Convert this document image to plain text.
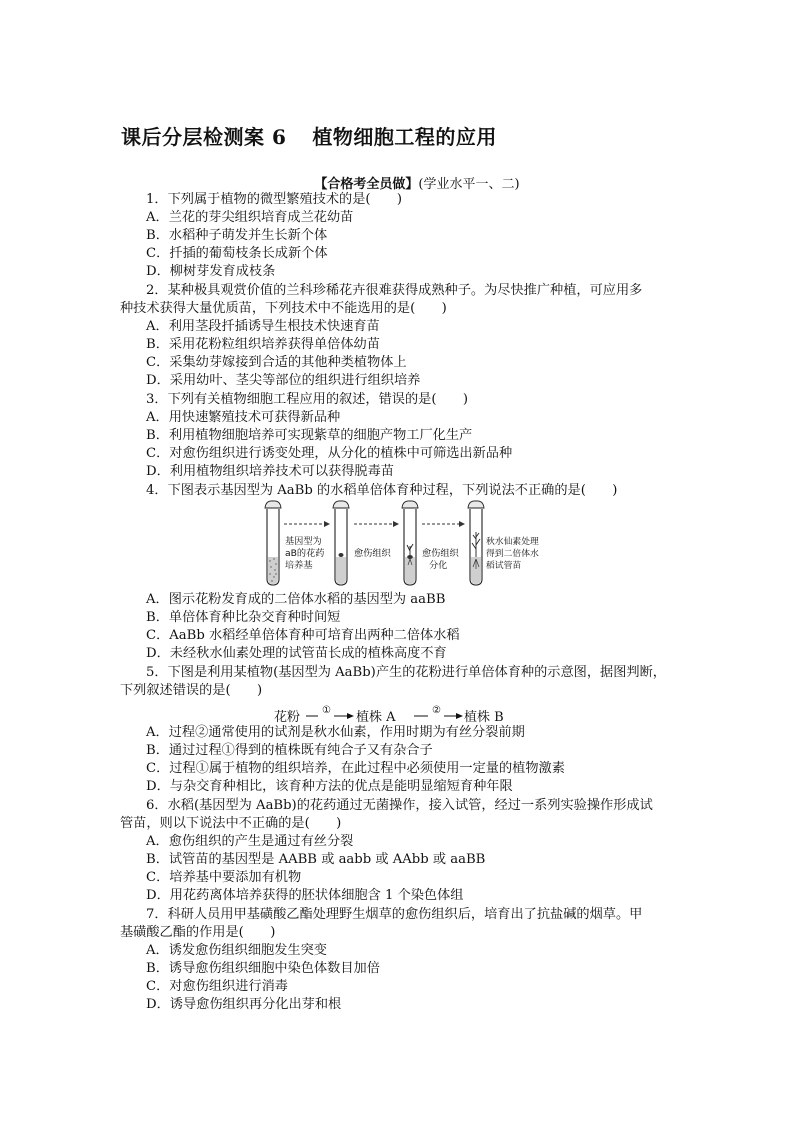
课后分层检测案 6 植物细胞工程的应用
【合格考全员做】(学业水平一、二)
1．下列属于植物的微型繁殖技术的是(　　)
A．兰花的芽尖组织培育成兰花幼苗
B．水稻种子萌发并生长新个体
C．扦插的葡萄枝条长成新个体
D．柳树芽发育成枝条
2．某种极具观赏价值的兰科珍稀花卉很难获得成熟种子。为尽快推广种植，可应用多
种技术获得大量优质苗，下列技术中不能选用的是(　　)
A．利用茎段扦插诱导生根技术快速育苗
B．采用花粉粒组织培养获得单倍体幼苗
C．采集幼芽嫁接到合适的其他种类植物体上
D．采用幼叶、茎尖等部位的组织进行组织培养
3．下列有关植物细胞工程应用的叙述，错误的是(　　)
A．用快速繁殖技术可获得新品种
B．利用植物细胞培养可实现紫草的细胞产物工厂化生产
C．对愈伤组织进行诱变处理，从分化的植株中可筛选出新品种
D．利用植物组织培养技术可以获得脱毒苗
4．下图表示基因型为 AaBb 的水稻单倍体育种过程，下列说法不正确的是(　　)
基因型为
aB的花药
培养基
愈伤组织	愈伤组织
分化
秋水仙素处理
得到二倍体水
稻试管苗
A．图示花粉发育成的二倍体水稻的基因型为 aaBB
B．单倍体育种比杂交育种时间短
C．AaBb 水稻经单倍体育种可培育出两种二倍体水稻
D．未经秋水仙素处理的试管苗长成的植株高度不育
5．下图是利用某植物(基因型为 AaBb)产生的花粉进行单倍体育种的示意图，据图判断，
下列叙述错误的是(　　)
花粉 ① 植株 A	② 植株 B
A．过程②通常使用的试剂是秋水仙素，作用时期为有丝分裂前期
B．通过过程①得到的植株既有纯合子又有杂合子
C．过程①属于植物的组织培养，在此过程中必须使用一定量的植物激素
D．与杂交育种相比，该育种方法的优点是能明显缩短育种年限
6．水稻(基因型为 AaBb)的花药通过无菌操作，接入试管，经过一系列实验操作形成试
管苗，则以下说法中不正确的是(　　)
A．愈伤组织的产生是通过有丝分裂
B．试管苗的基因型是 AABB 或 aabb 或 AAbb 或 aaBB
C．培养基中要添加有机物
D．用花药离体培养获得的胚状体细胞含 1 个染色体组
7．科研人员用甲基磺酸乙酯处理野生烟草的愈伤组织后，培育出了抗盐碱的烟草。甲
基磺酸乙酯的作用是(　　)
A．诱发愈伤组织细胞发生突变
B．诱导愈伤组织细胞中染色体数目加倍
C．对愈伤组织进行消毒
D．诱导愈伤组织再分化出芽和根
